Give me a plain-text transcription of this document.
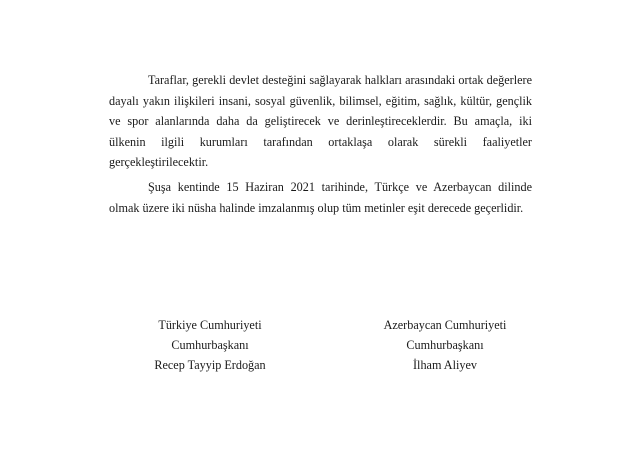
Taraflar, gerekli devlet desteğini sağlayarak halkları arasındaki ortak değerlere dayalı yakın ilişkileri insani, sosyal güvenlik, bilimsel, eğitim, sağlık, kültür, gençlik ve spor alanlarında daha da geliştirecek ve derinleştireceklerdir. Bu amaçla, iki ülkenin ilgili kurumları tarafından ortaklaşa olarak sürekli faaliyetler gerçekleştirilecektir.

Şuşa kentinde 15 Haziran 2021 tarihinde, Türkçe ve Azerbaycan dilinde olmak üzere iki nüsha halinde imzalanmış olup tüm metinler eşit derecede geçerlidir.

Türkiye Cumhuriyeti
Cumhurbaşkanı
Recep Tayyip Erdoğan
Azerbaycan Cumhuriyeti
Cumhurbaşkanı
İlham Aliyev
